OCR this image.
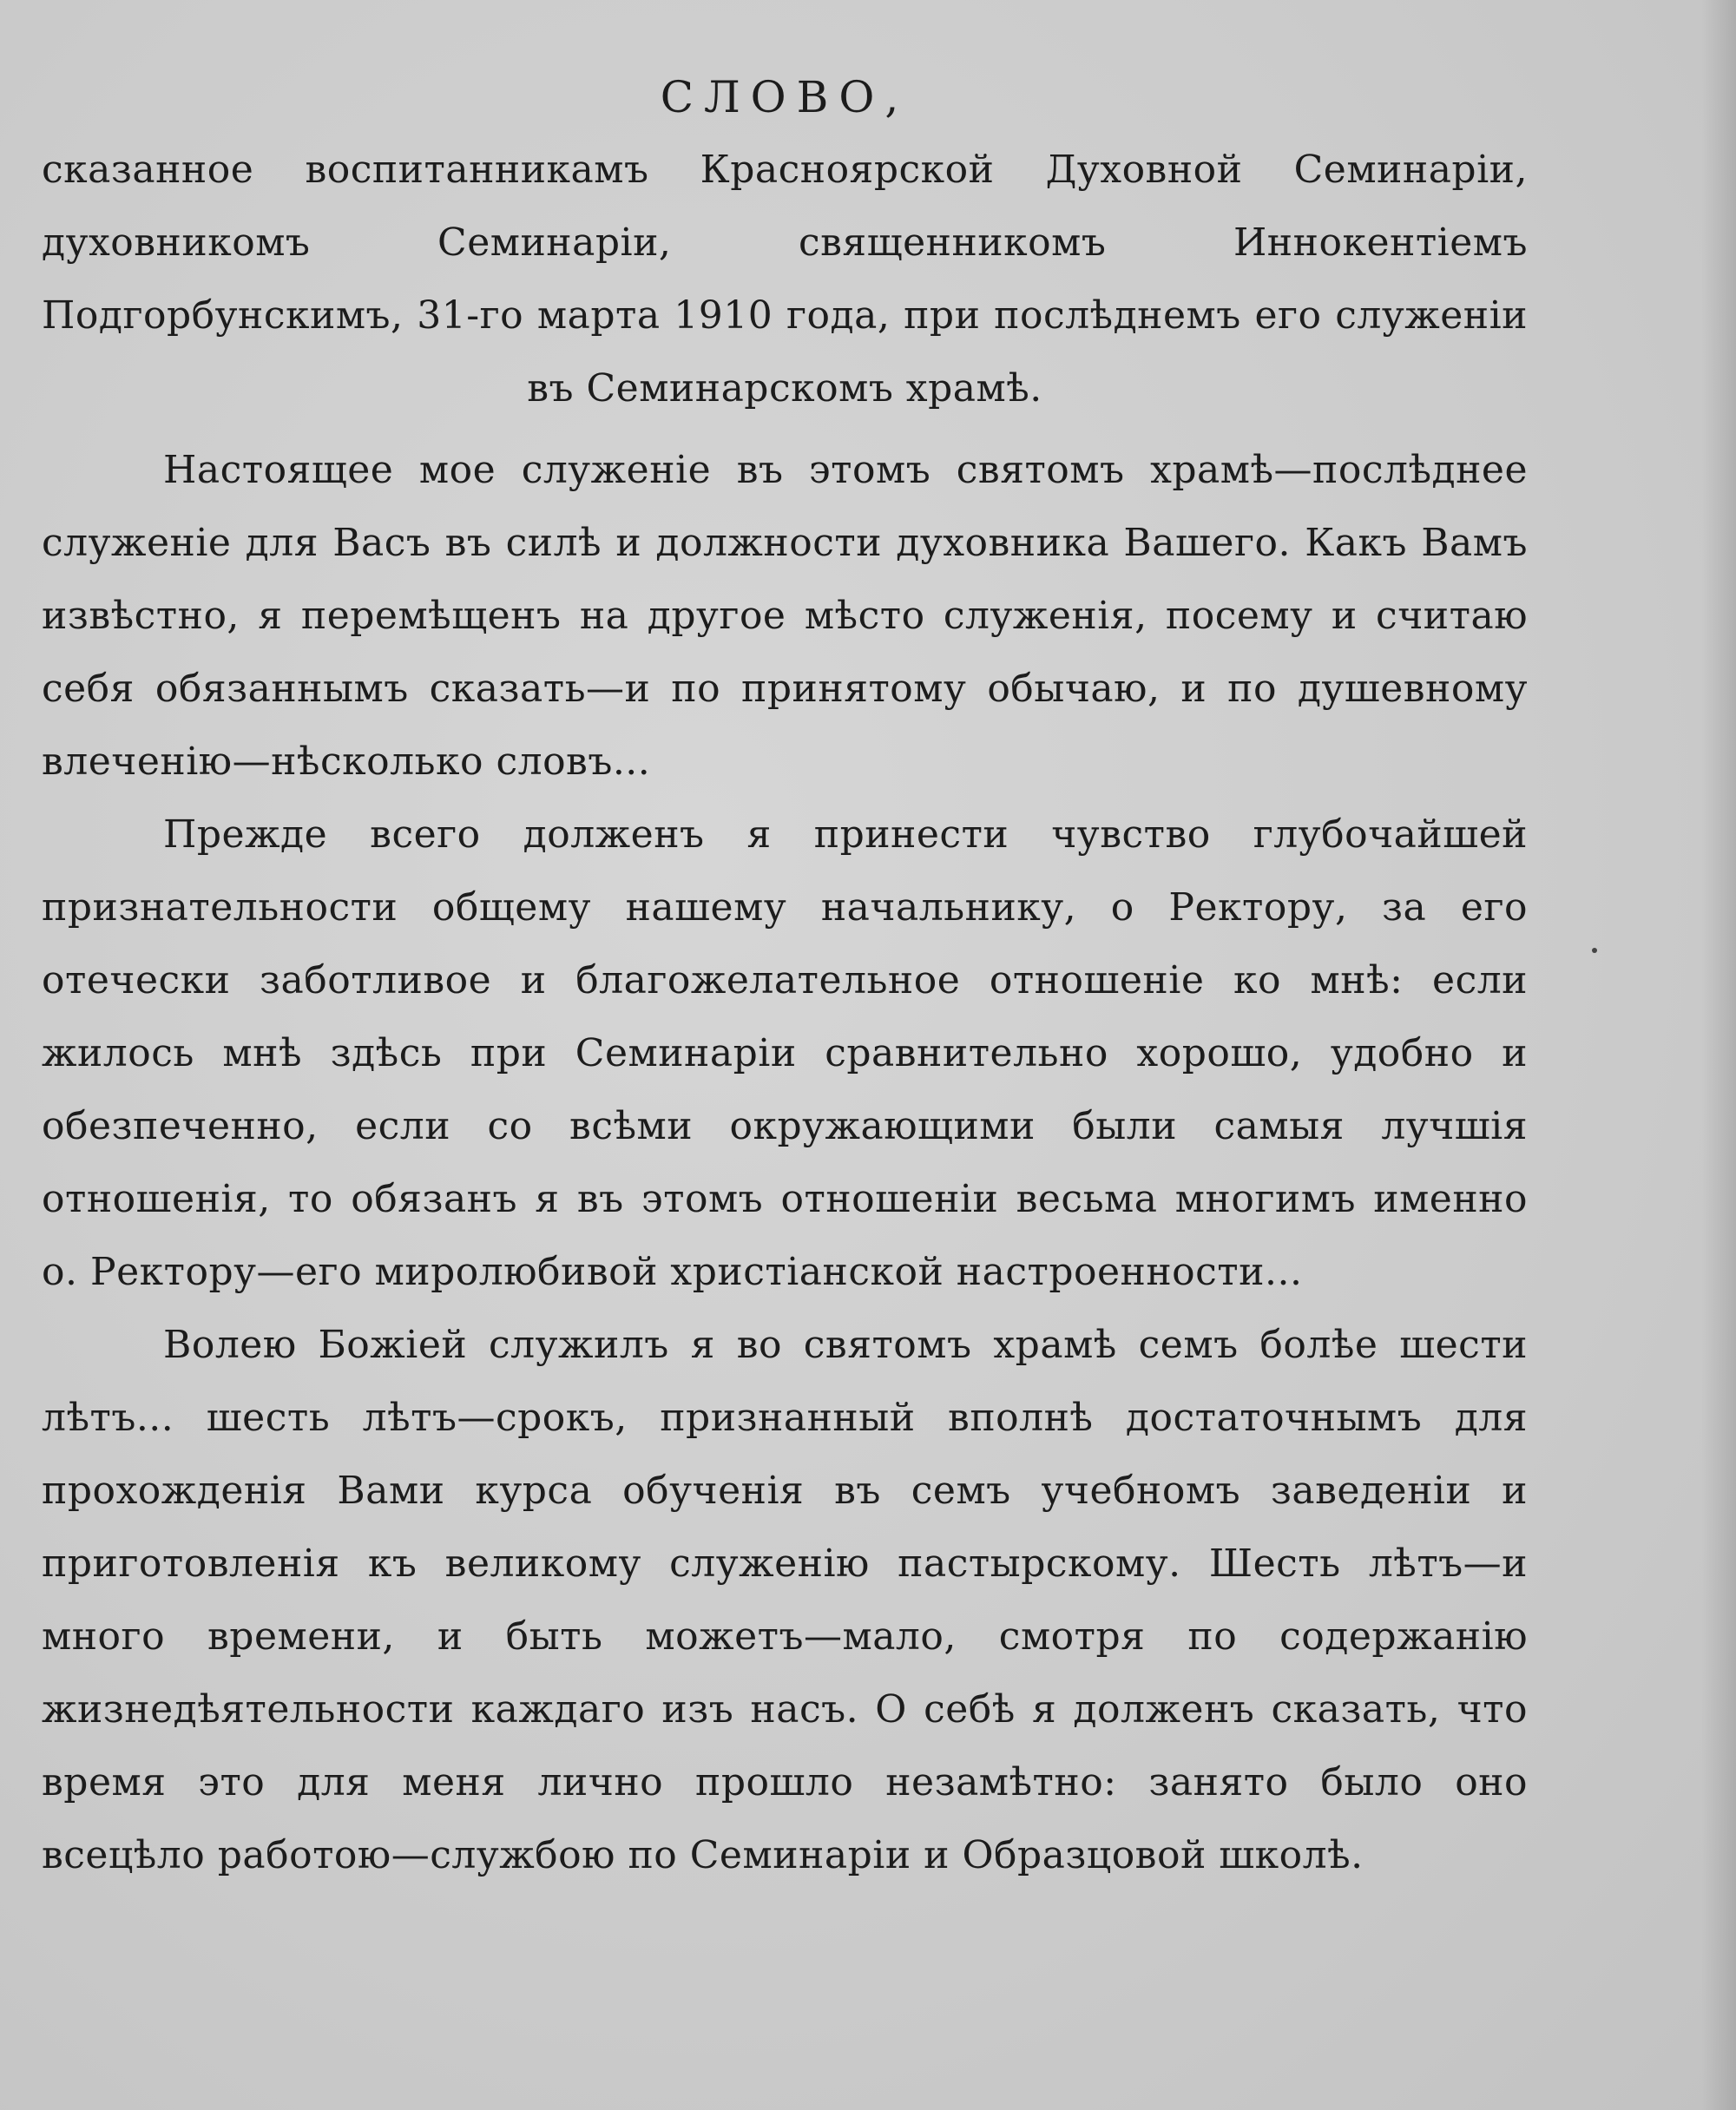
СЛОВО,

сказанное воспитанникамъ Красноярской Духовной Семинаріи, духовникомъ Семинаріи, священникомъ Иннокентіемъ Подгорбунскимъ, 31-го марта 1910 года, при послѣднемъ его служеніи въ Семинарскомъ храмѣ.

Настоящее мое служеніе въ этомъ святомъ храмѣ—послѣднее служеніе для Васъ въ силѣ и должности духовника Вашего. Какъ Вамъ извѣстно, я перемѣщенъ на другое мѣсто служенія, посему и считаю себя обязаннымъ сказать—и по принятому обычаю, и по душевному влеченію—нѣсколько словъ...

Прежде всего долженъ я принести чувство глубочайшей признательности общему нашему начальнику, о Ректору, за его отечески заботливое и благожелательное отношеніе ко мнѣ: если жилось мнѣ здѣсь при Семинаріи сравнительно хорошо, удобно и обезпеченно, если со всѣми окружающими были самыя лучшія отношенія, то обязанъ я въ этомъ отношеніи весьма многимъ именно о. Ректору—его миролюбивой христіанской настроенности...

Волею Божіей служилъ я во святомъ храмѣ семъ болѣе шести лѣтъ... шесть лѣтъ—срокъ, признанный вполнѣ достаточнымъ для прохожденія Вами курса обученія въ семъ учебномъ заведеніи и приготовленія къ великому служенію пастырскому. Шесть лѣтъ—и много времени, и быть можетъ—мало, смотря по содержанію жизнедѣятельности каждаго изъ насъ. О себѣ я долженъ сказать, что время это для меня лично прошло незамѣтно: занято было оно всецѣло работою—службою по Семинаріи и Образцовой школѣ.
